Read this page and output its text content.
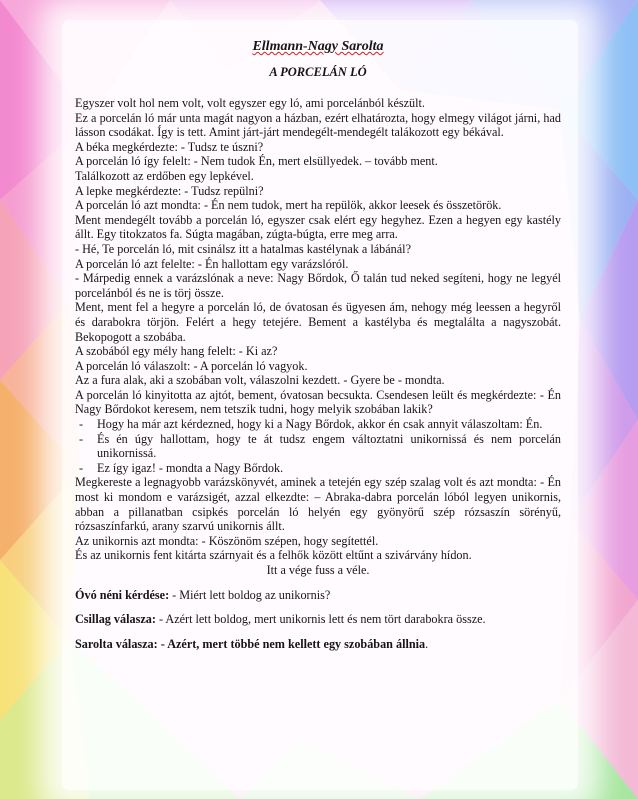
Ellmann-Nagy Sarolta
A PORCELÁN LÓ

Egyszer volt hol nem volt, volt egyszer egy ló, ami porcelánból készült.

Ez a porcelán ló már unta magát nagyon a házban, ezért elhatározta, hogy elmegy világot járni, had lásson csodákat. Így is tett. Amint járt-járt mendegélt-mendegélt talákozott egy békával.

A béka megkérdezte: - Tudsz te úszni?

A porcelán ló így felelt: - Nem tudok Én, mert elsüllyedek. – tovább ment.

Találkozott az erdőben egy lepkével.

A lepke megkérdezte: - Tudsz repülni?

A porcelán ló azt mondta: - Én nem tudok, mert ha repülök, akkor leesek és összetörök.

Ment mendegélt tovább a porcelán ló, egyszer csak elért egy hegyhez. Ezen a hegyen egy kastély állt. Egy titokzatos fa. Súgta magában, zúgta-búgta, erre meg arra.

- Hé, Te porcelán ló, mit csinálsz itt a hatalmas kastélynak a lábánál?

A porcelán ló azt felelte: - Én hallottam egy varázslóról.

- Márpedig ennek a varázslónak a neve: Nagy Bőrdok, Ő talán tud neked segíteni, hogy ne legyél porcelánból és ne is törj össze.

Ment, ment fel a hegyre a porcelán ló, de óvatosan és ügyesen ám, nehogy még leessen a hegyről és darabokra törjön. Felért a hegy tetejére. Bement a kastélyba és megtalálta a nagyszobát. Bekopogott a szobába.

A szobából egy mély hang felelt: - Ki az?

A porcelán ló válaszolt: - A porcelán ló vagyok.

Az a fura alak, aki a szobában volt, válaszolni kezdett. - Gyere be - mondta.

A porcelán ló kinyitotta az ajtót, bement, óvatosan becsukta. Csendesen leült és megkérdezte: - Én Nagy Bőrdokot keresem, nem tetszik tudni, hogy melyik szobában lakik?

- Hogy ha már azt kérdezned, hogy ki a Nagy Bőrdok, akkor én csak annyit válaszoltam: Én.

- És én úgy hallottam, hogy te át tudsz engem változtatni unikornissá és nem porcelán unikornissá.

- Ez így igaz! - mondta a Nagy Bőrdok.

Megkereste a legnagyobb varázskönyvét, aminek a tetején egy szép szalag volt és azt mondta: - Én most ki mondom e varázsigét, azzal elkezdte: – Abraka-dabra porcelán lóból legyen unikornis, abban a pillanatban csipkés porcelán ló helyén egy gyönyörű szép rózsaszín sörényű, rózsaszínfarkú, arany szarvú unikornis állt.

Az unikornis azt mondta: - Köszönöm szépen, hogy segítettél.

És az unikornis fent kitárta szárnyait és a felhők között eltűnt a szivárvány hídon.

Itt a vége fuss a véle.

Óvó néni kérdése: - Miért lett boldog az unikornis?

Csillag válasza: - Azért lett boldog, mert unikornis lett és nem tört darabokra össze.

Sarolta válasza: - Azért, mert többé nem kellett egy szobában állnia.
